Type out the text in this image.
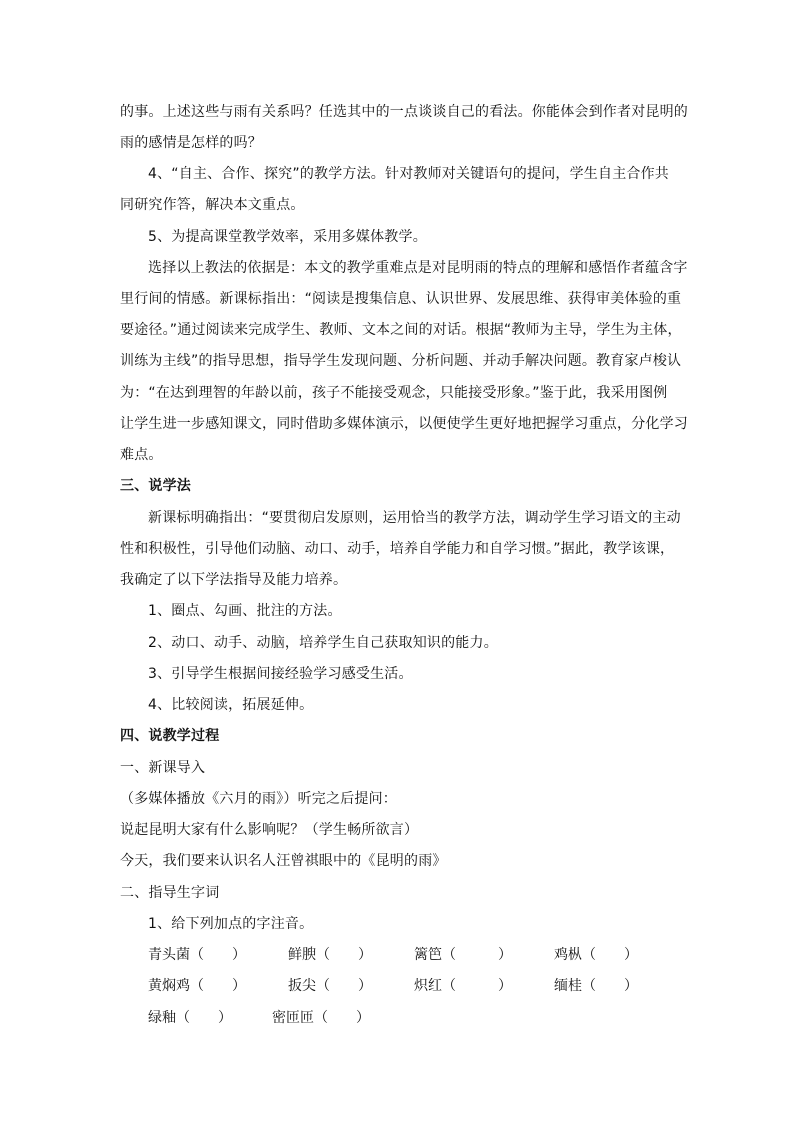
的事。上述这些与雨有关系吗？任选其中的一点谈谈自己的看法。你能体会到作者对昆明的
雨的感情是怎样的吗？
4、“自主、合作、探究”的教学方法。针对教师对关键语句的提问，学生自主合作共
同研究作答，解决本文重点。
5、为提高课堂教学效率，采用多媒体教学。
选择以上教法的依据是：本文的教学重难点是对昆明雨的特点的理解和感悟作者蕴含字
里行间的情感。新课标指出：“阅读是搜集信息、认识世界、发展思维、获得审美体验的重
要途径。”通过阅读来完成学生、教师、文本之间的对话。根据“教师为主导，学生为主体，
训练为主线”的指导思想，指导学生发现问题、分析问题、并动手解决问题。教育家卢梭认
为：“在达到理智的年龄以前，孩子不能接受观念，只能接受形象。”鉴于此，我采用图例
让学生进一步感知课文，同时借助多媒体演示，以便使学生更好地把握学习重点，分化学习
难点。
三、说学法
新课标明确指出：“要贯彻启发原则，运用恰当的教学方法，调动学生学习语文的主动
性和积极性，引导他们动脑、动口、动手，培养自学能力和自学习惯。”据此，教学该课，
我确定了以下学法指导及能力培养。
1、圈点、勾画、批注的方法。
2、动口、动手、动脑，培养学生自己获取知识的能力。
3、引导学生根据间接经验学习感受生活。
4、比较阅读，拓展延伸。
四、说教学过程
一、新课导入
（多媒体播放《六月的雨》）听完之后提问：
说起昆明大家有什么影响呢？（学生畅所欲言）
今天，我们要来认识名人汪曾祺眼中的《昆明的雨》
二、指导生字词
1、给下列加点的字注音。
青头菌（　　）	鲜腴（　　）	篱笆（　　　）	鸡枞（　　）
黄焖鸡（　　）	扳尖（　　）	炽红（　　　）	缅桂（　　）
绿釉（　　）	密匝匝（　　）
